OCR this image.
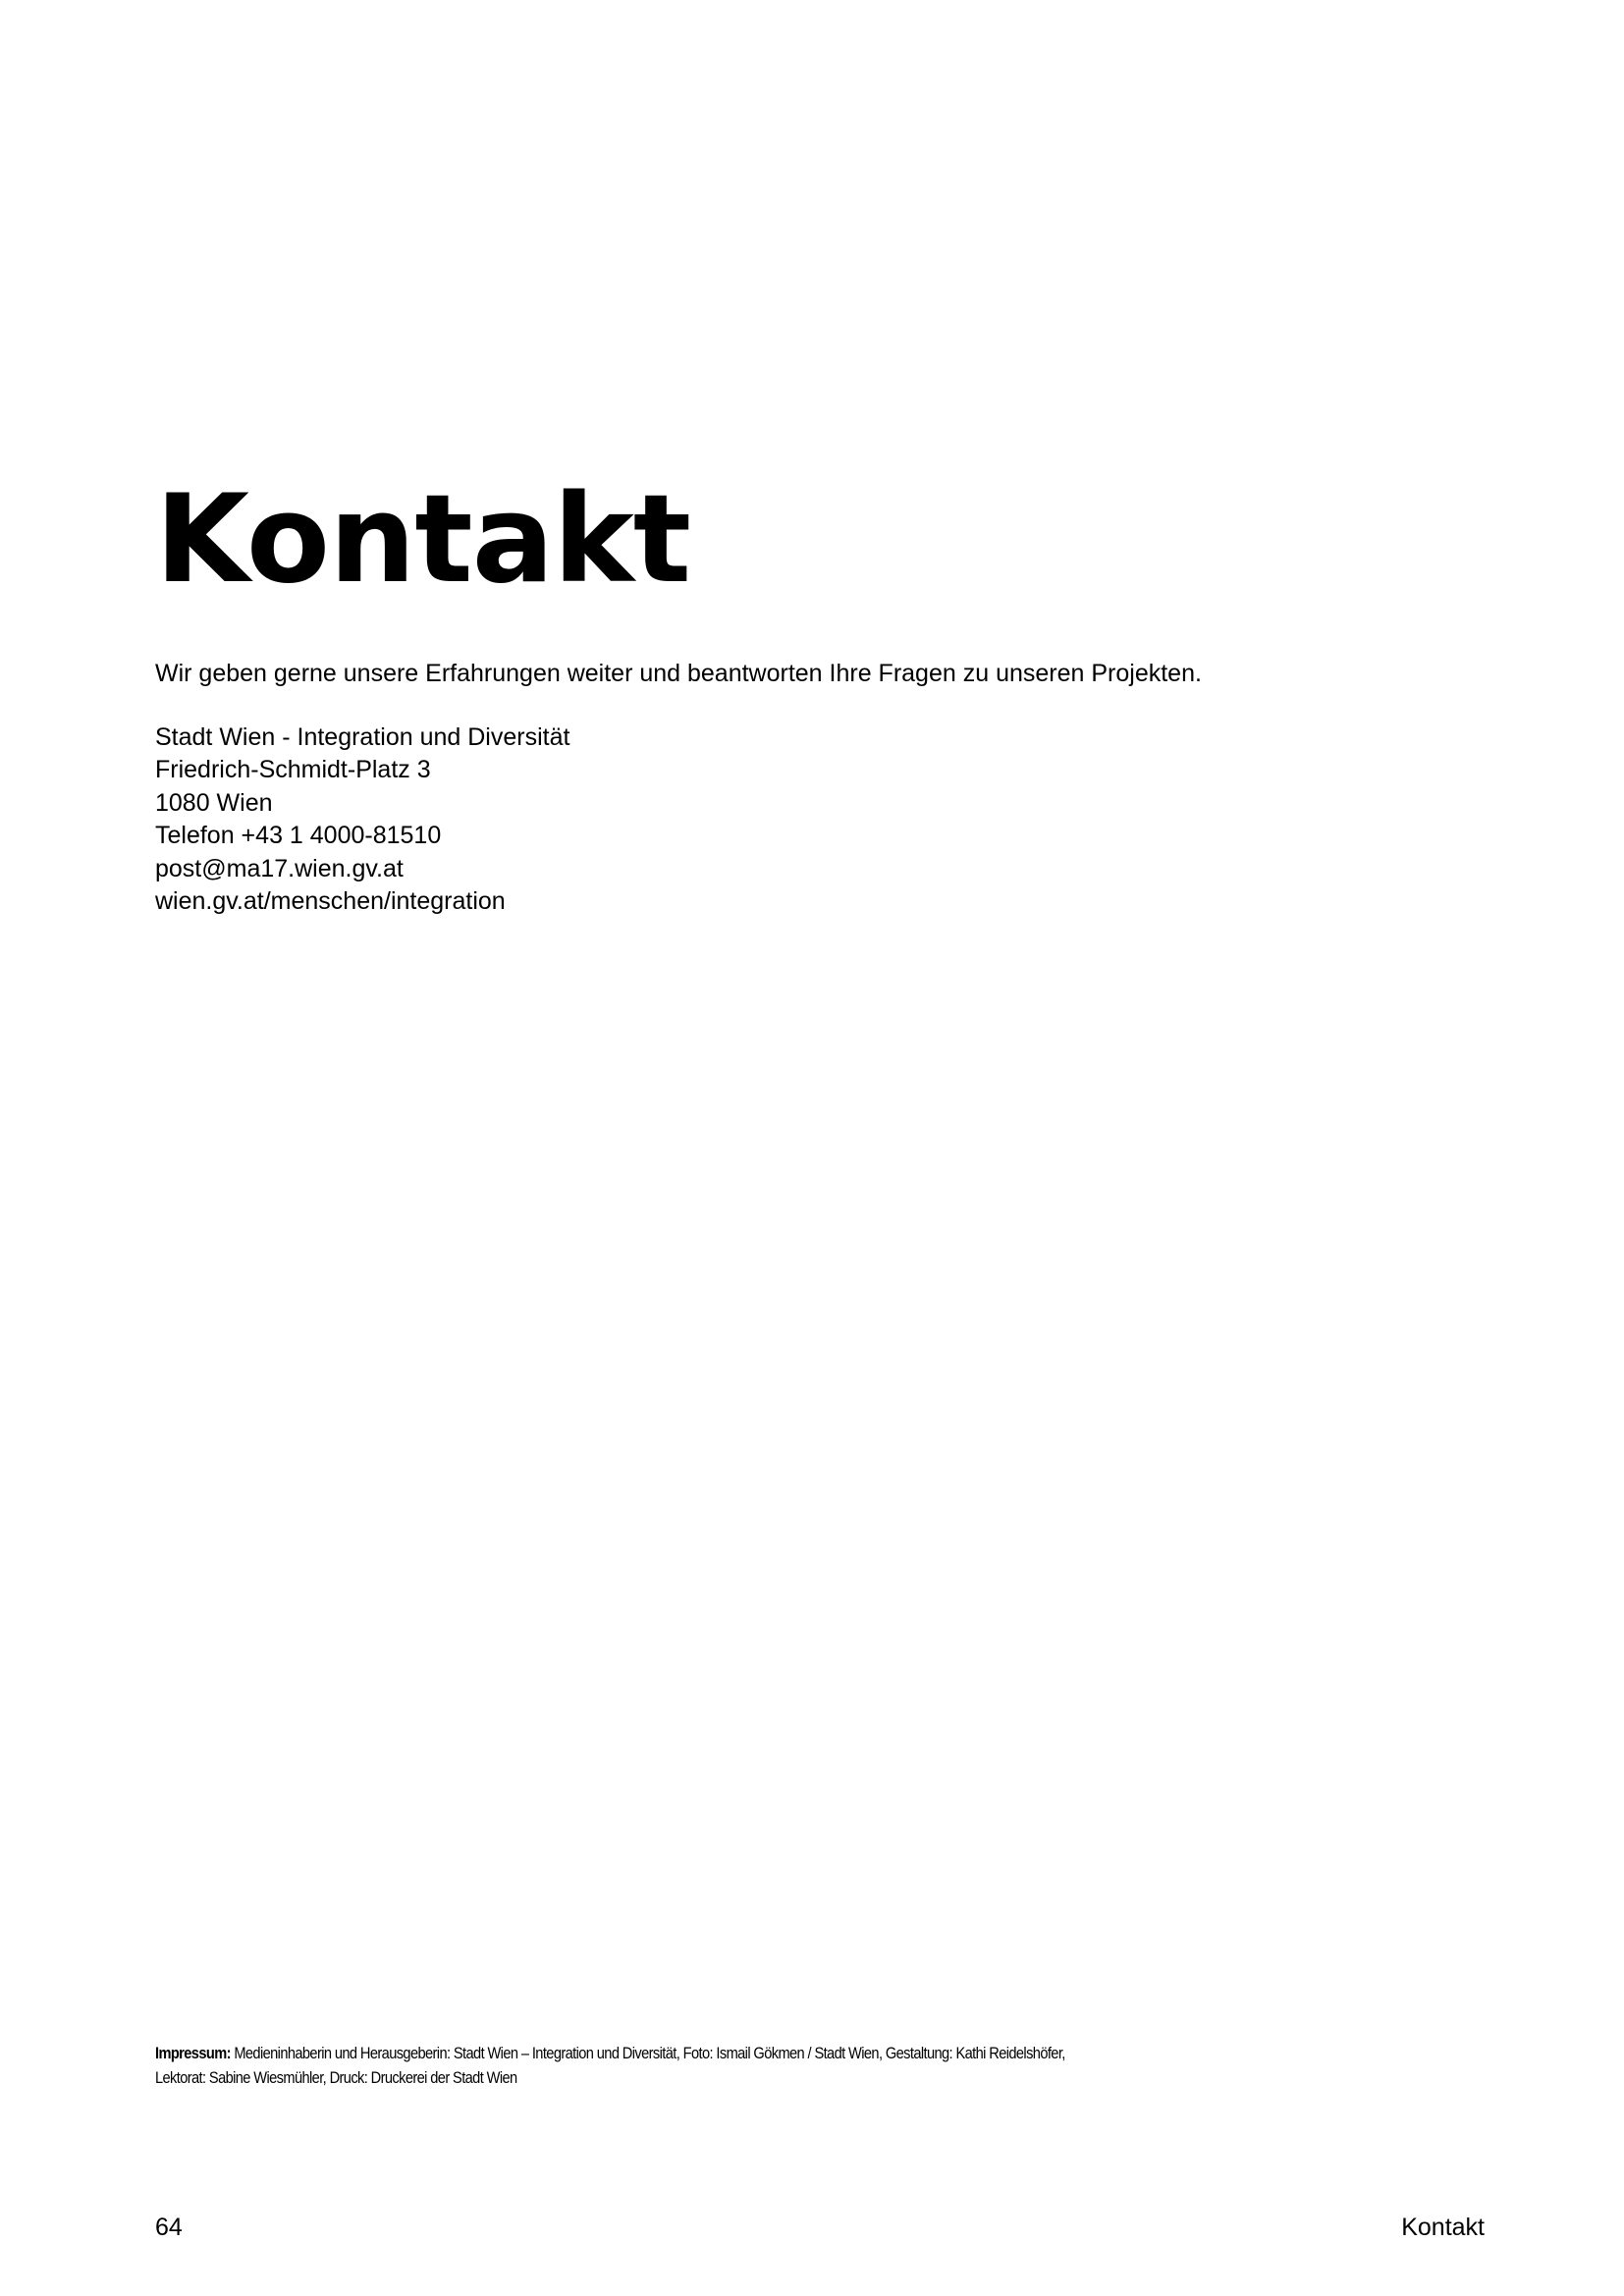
Kontakt

Wir geben gerne unsere Erfahrungen weiter und beantworten Ihre Fragen zu unseren Projekten.

Stadt Wien - Integration und Diversität
Friedrich-Schmidt-Platz 3
1080 Wien
Telefon +43 1 4000-81510
post@ma17.wien.gv.at
wien.gv.at/menschen/integration

Impressum: Medieninhaberin und Herausgeberin: Stadt Wien – Integration und Diversität, Foto: Ismail Gökmen / Stadt Wien, Gestaltung: Kathi Reidelshöfer,
Lektorat: Sabine Wiesmühler, Druck: Druckerei der Stadt Wien

64	Kontakt
